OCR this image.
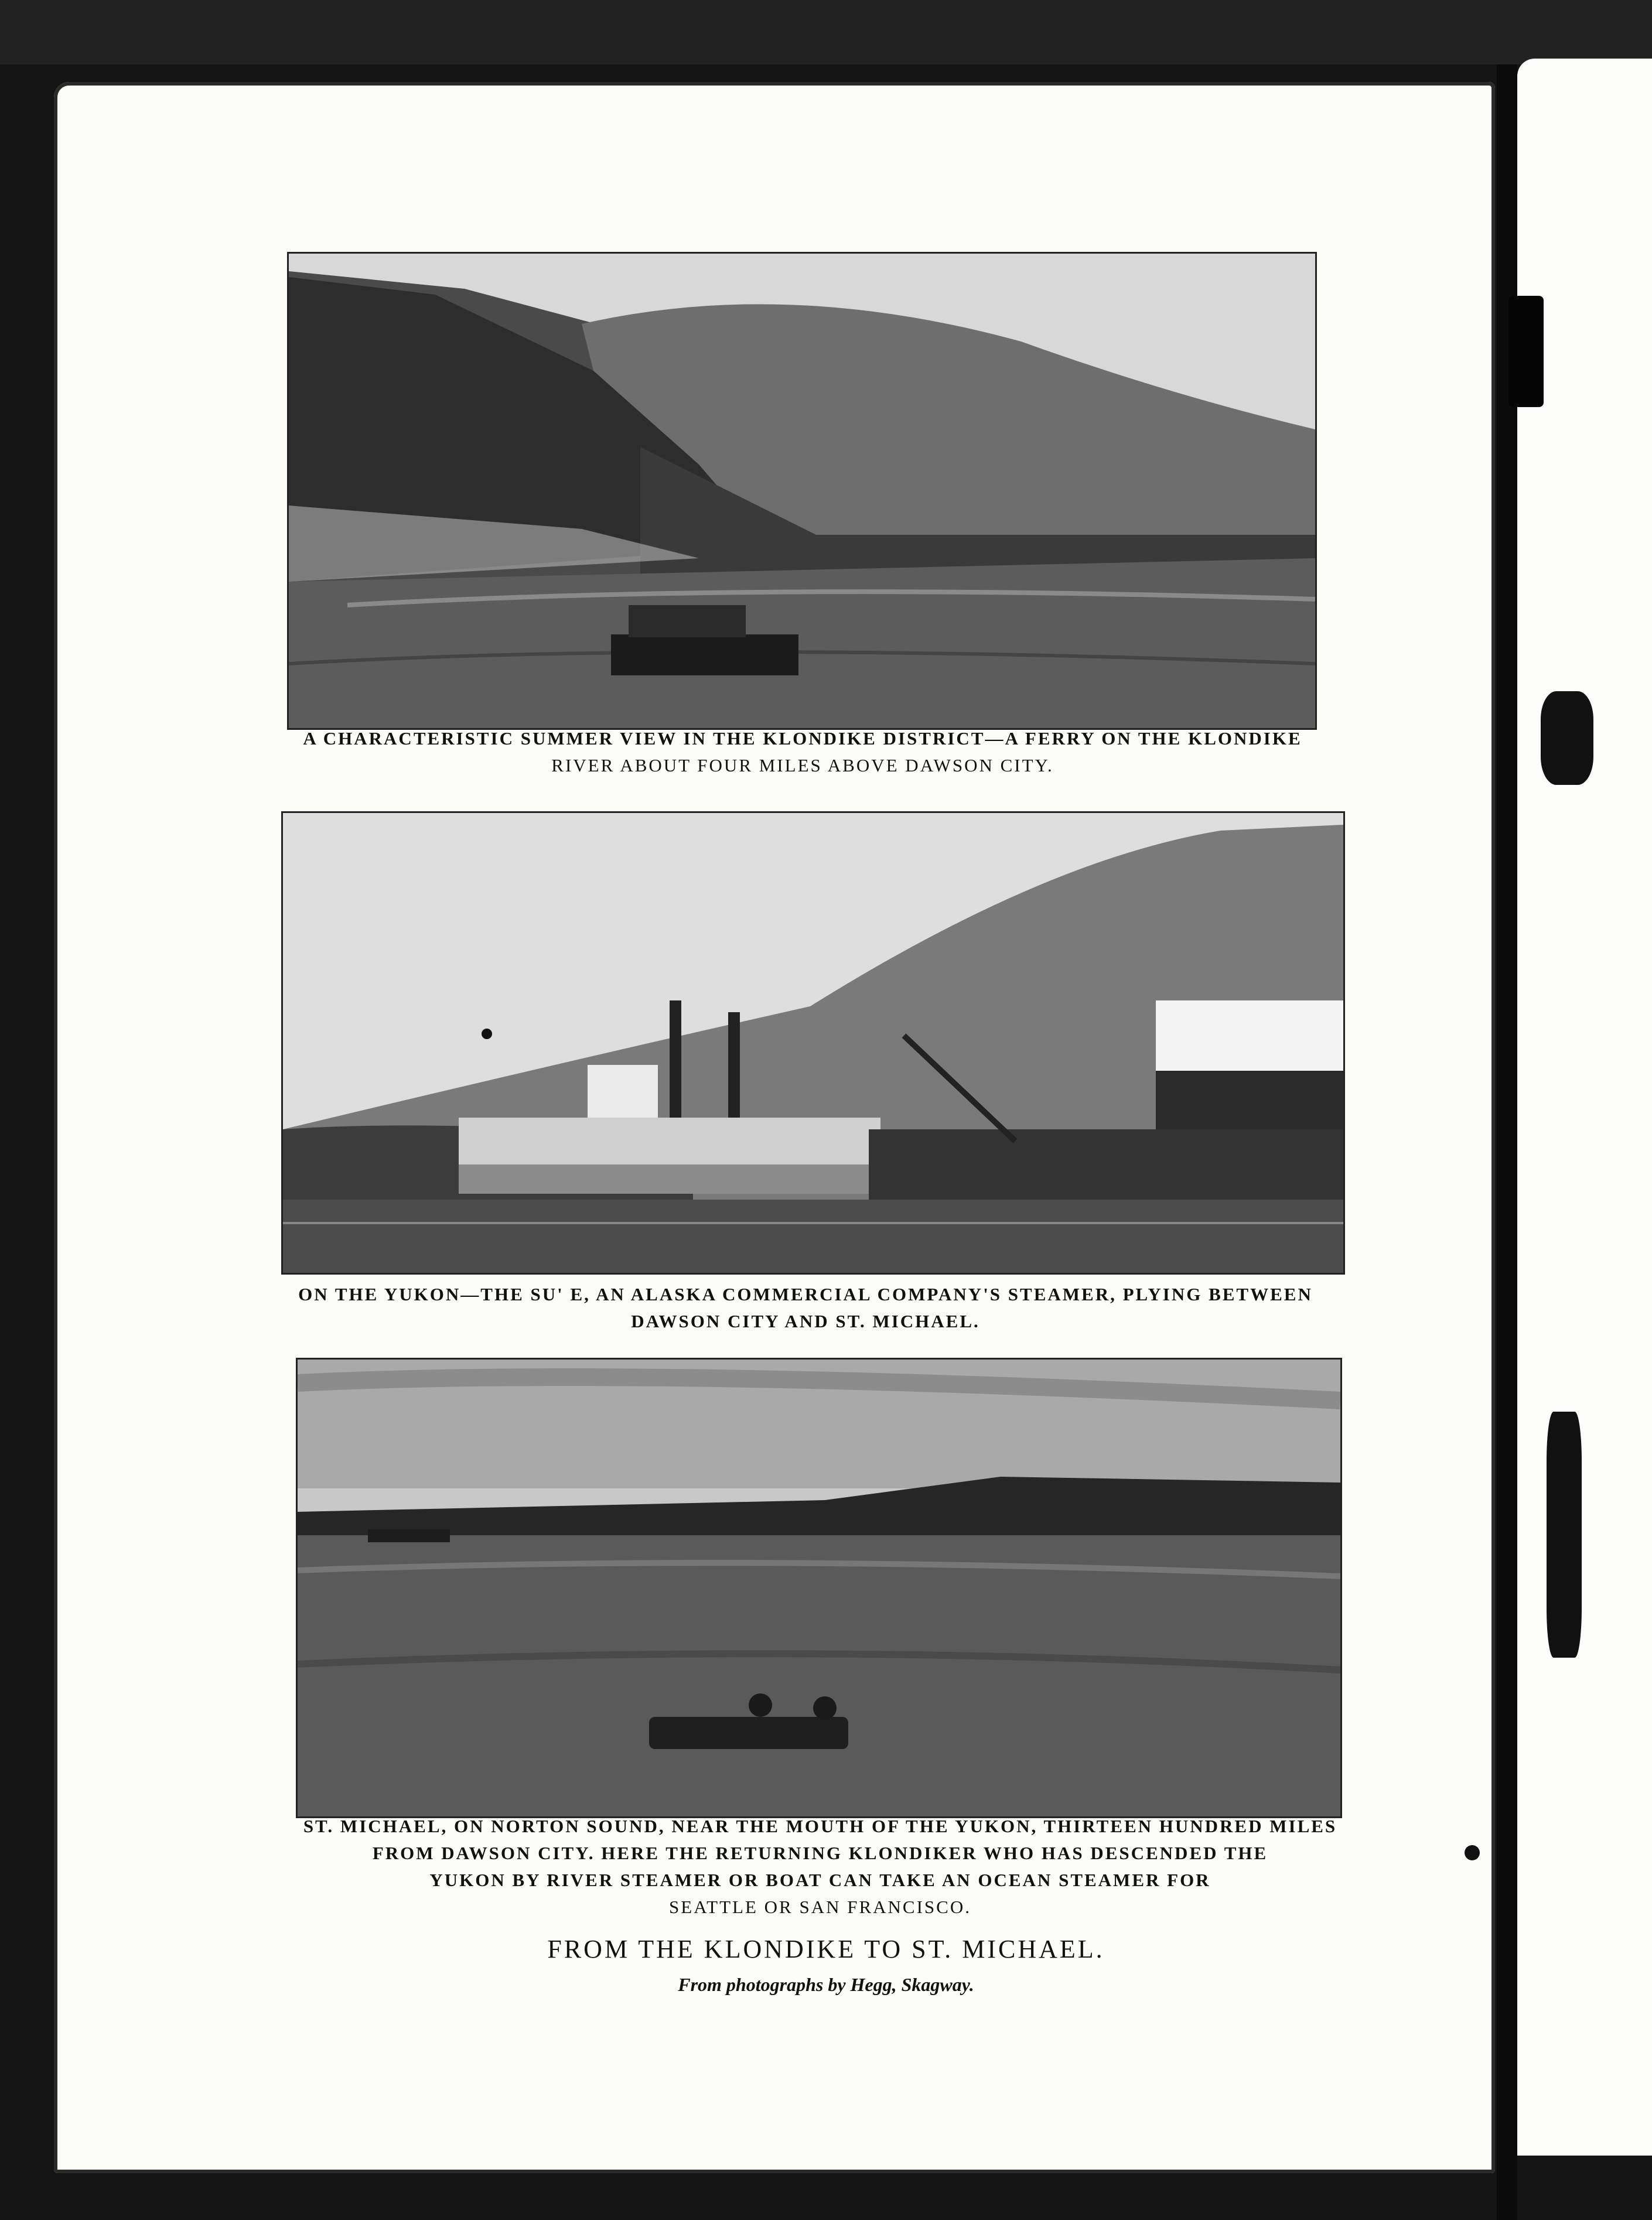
A CHARACTERISTIC SUMMER VIEW IN THE KLONDIKE DISTRICT—A FERRY ON THE KLONDIKE
RIVER ABOUT FOUR MILES ABOVE DAWSON CITY.
ON THE YUKON—THE SU' E, AN ALASKA COMMERCIAL COMPANY'S STEAMER, PLYING BETWEEN
DAWSON CITY AND ST. MICHAEL.
ST. MICHAEL, ON NORTON SOUND, NEAR THE MOUTH OF THE YUKON, THIRTEEN HUNDRED MILES
FROM DAWSON CITY. HERE THE RETURNING KLONDIKER WHO HAS DESCENDED THE
YUKON BY RIVER STEAMER OR BOAT CAN TAKE AN OCEAN STEAMER FOR
SEATTLE OR SAN FRANCISCO.
FROM THE KLONDIKE TO ST. MICHAEL.
From photographs by Hegg, Skagway.
